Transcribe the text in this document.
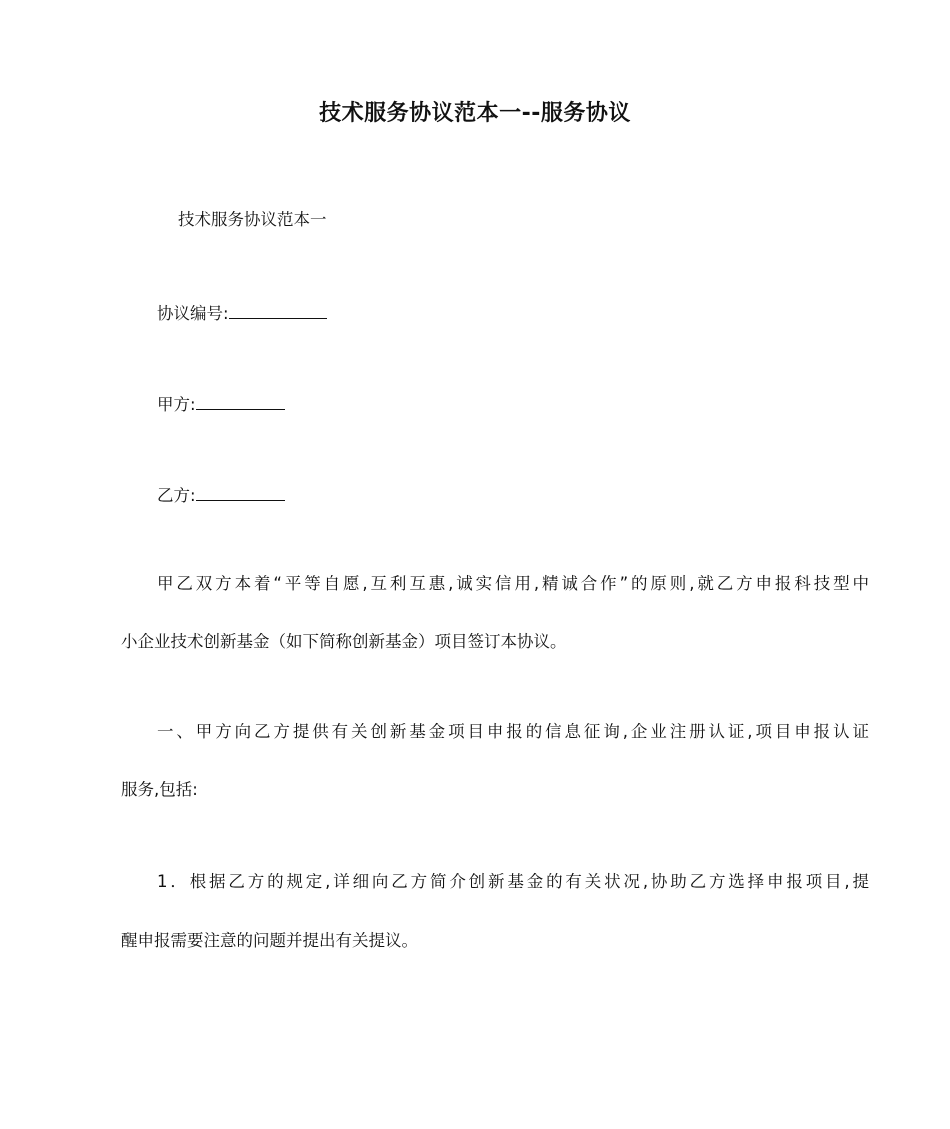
技术服务协议范本一--服务协议
技术服务协议范本一
协议编号:
甲方:
乙方:
甲乙双方本着“平等自愿,互利互惠,诚实信用,精诚合作”的原则,就乙方申报科技型中
小企业技术创新基金（如下简称创新基金）项目签订本协议。
一、甲方向乙方提供有关创新基金项目申报的信息征询,企业注册认证,项目申报认证
服务,包括:
1．根据乙方的规定,详细向乙方简介创新基金的有关状况,协助乙方选择申报项目,提
醒申报需要注意的问题并提出有关提议。
